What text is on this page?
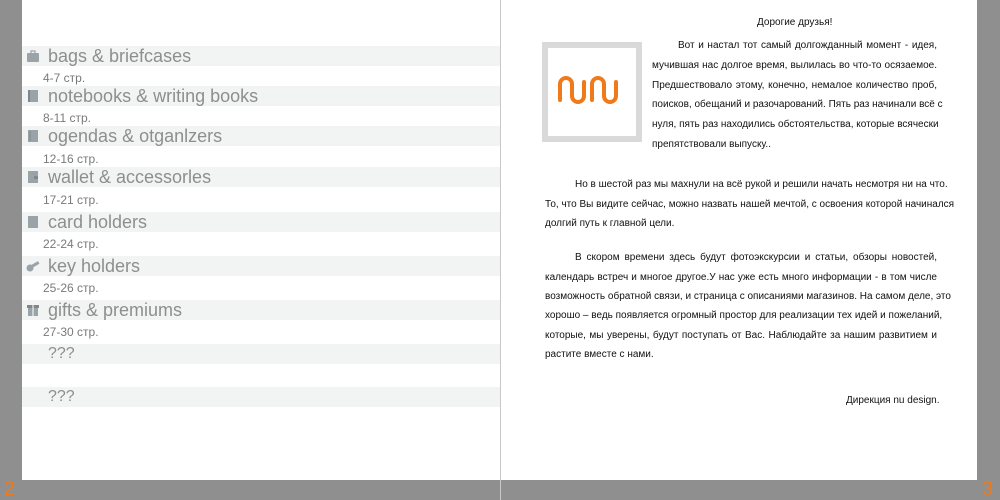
2	3
bags & briefcases
4-7 стр.
notebooks & writing books
8-11 стр.
ogendas & otganlzers
12-16 стр.
wallet & accessorles
17-21 стр.
card holders
22-24 стр.
key holders
25-26 стр.
gifts & premiums
27-30 стр.
???
???
Дорогие друзья!
Вот и настал тот самый долгожданный момент - идея,
мучившая нас долгое время, вылилась во что-то осязаемое.
Предшествовало этому, конечно, немалое количество проб,
поисков, обещаний и разочарований. Пять раз начинали всё с
нуля, пять раз находились обстоятельства, которые всячески
препятствовали выпуску..
Но в шестой раз мы махнули на всё рукой и решили начать несмотря ни на что.
То, что Вы видите сейчас, можно назвать нашей мечтой, с освоения которой начинался
долгий путь к главной цели.
В скором времени здесь будут фотоэкскурсии и статьи, обзоры новостей,
календарь встреч и многое другое.У нас уже есть много информации - в том числе
возможность обратной связи, и страница с описаниями магазинов. На самом деле, это
хорошо – ведь появляется огромный простор для реализации тех идей и пожеланий,
которые, мы уверены, будут поступать от Вас. Наблюдайте за нашим развитием и
растите вместе с нами.
Дирекция nu design.
